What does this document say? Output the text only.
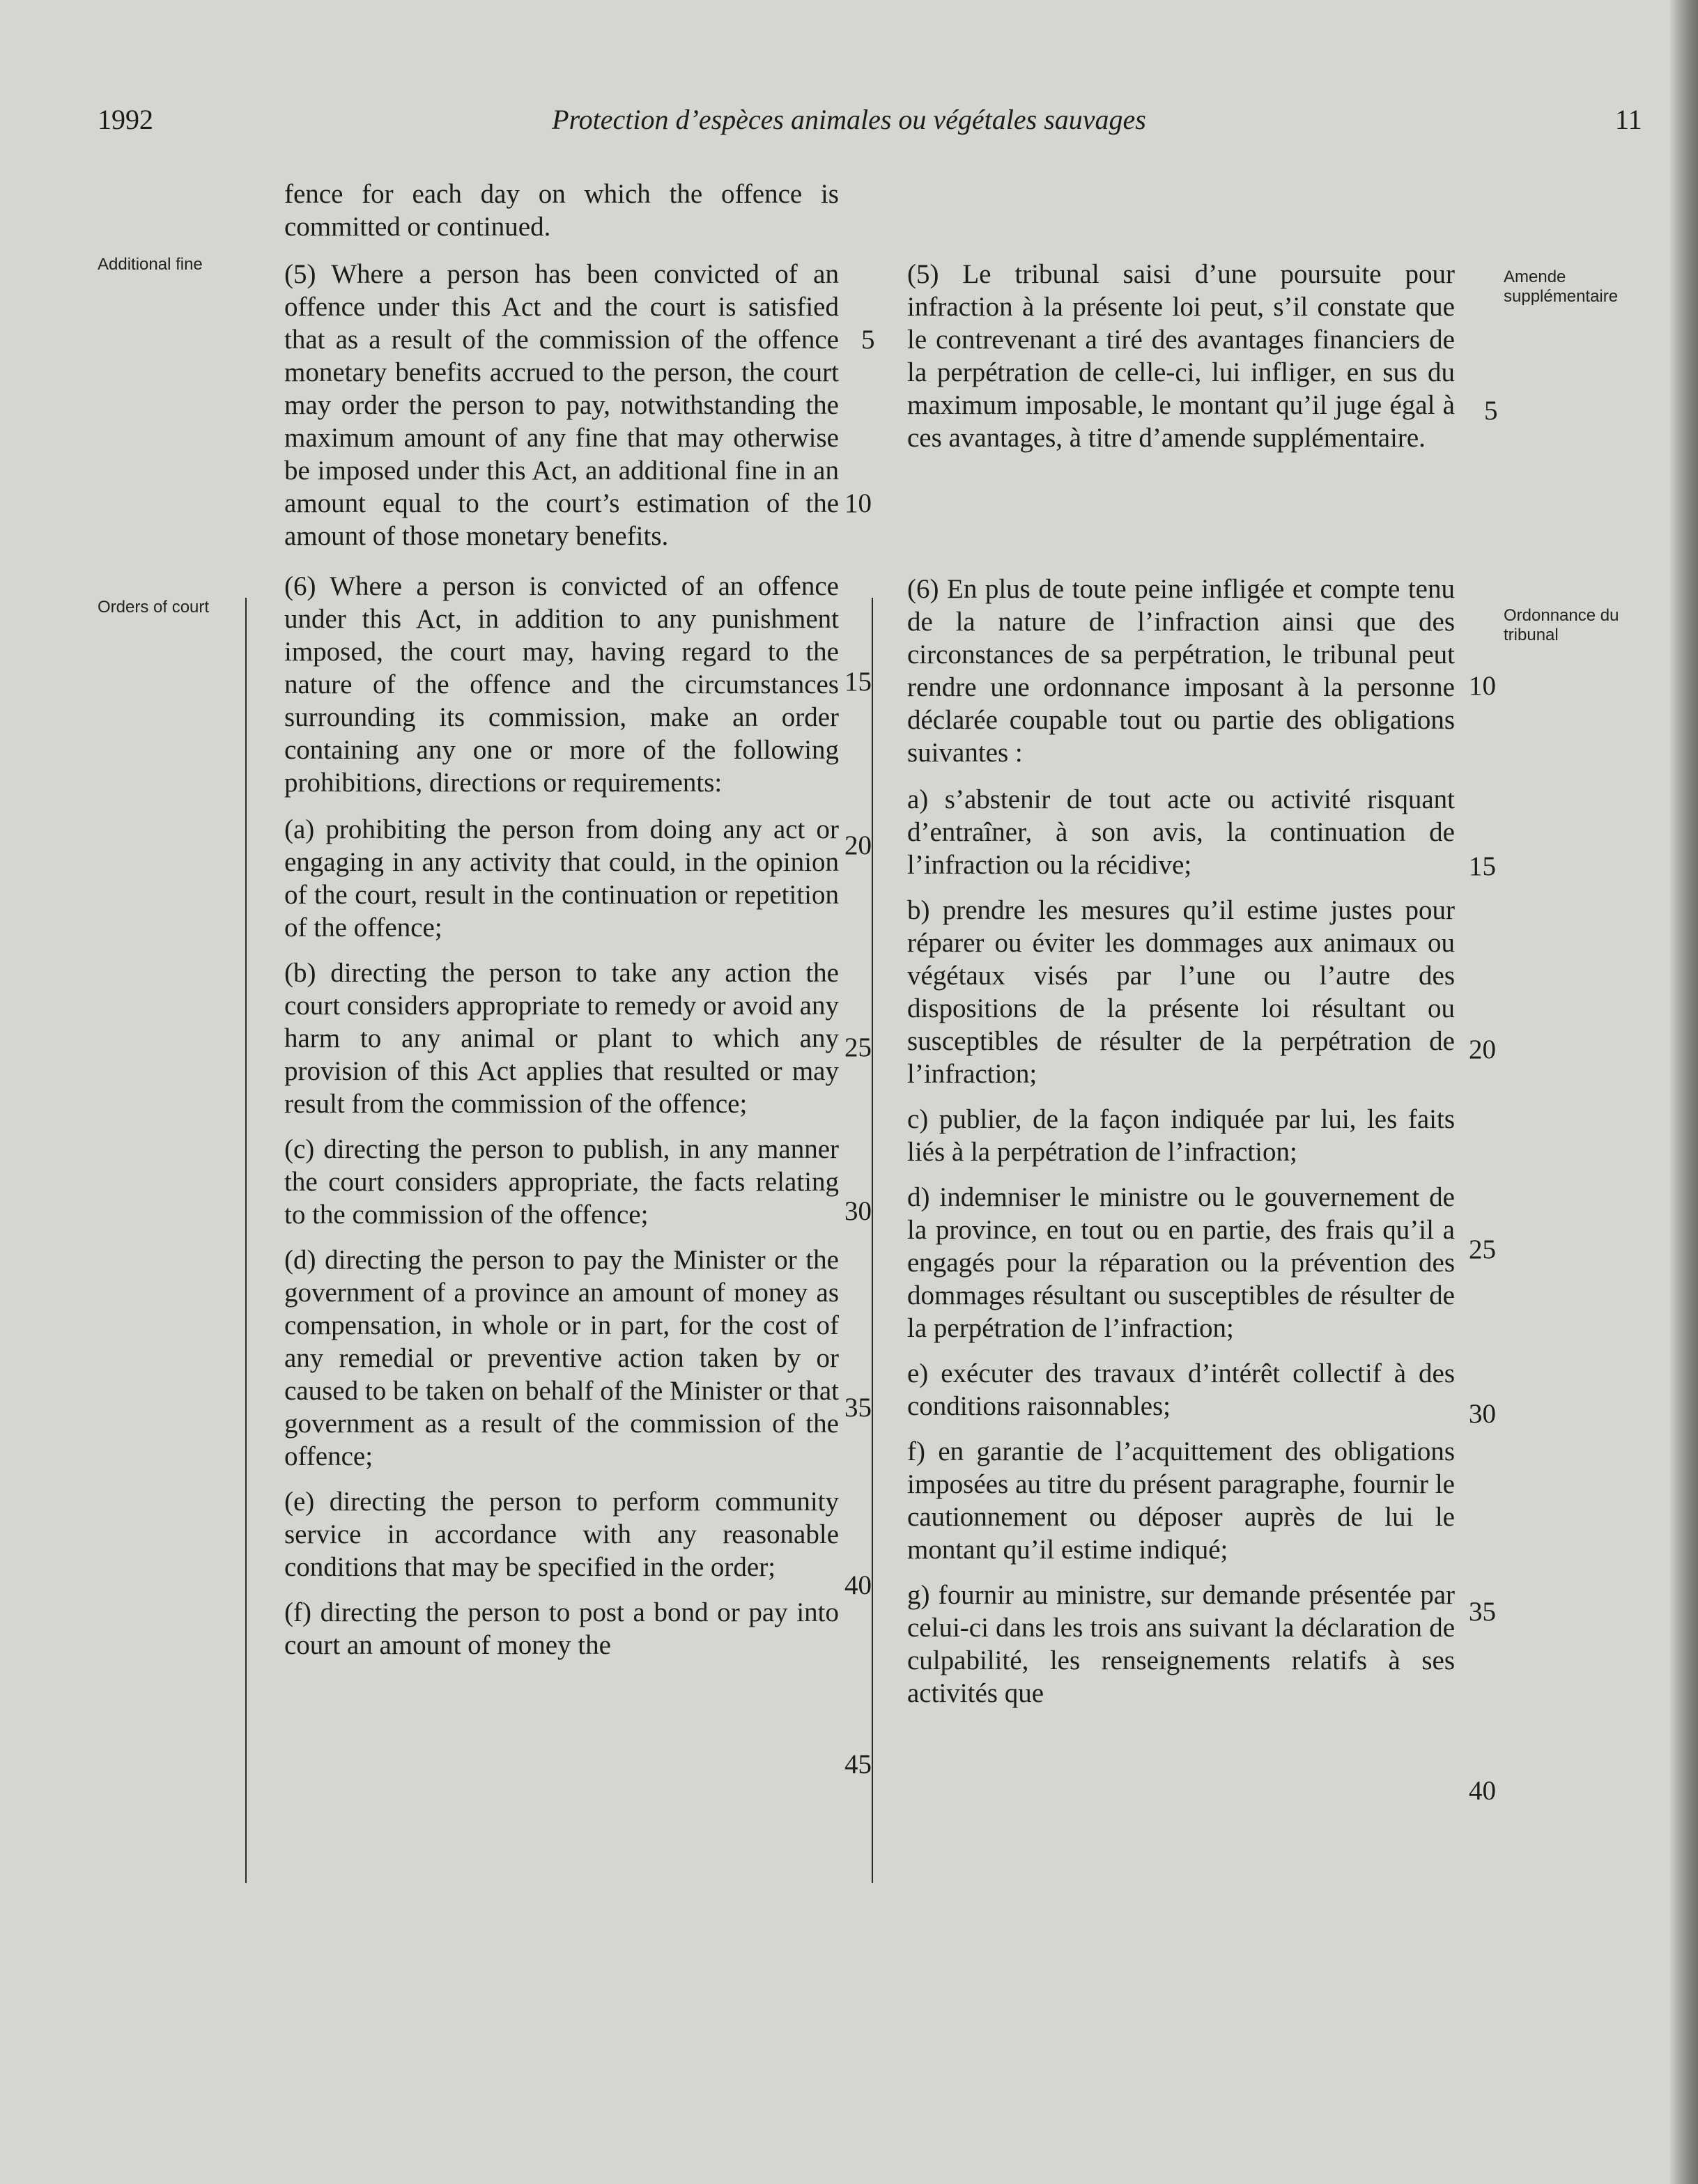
1992	Protection d’espèces animales ou végétales sauvages	11
Additional fine
Orders of court
Amende supplémentaire
Ordonnance du tribunal

fence for each day on which the offence is committed or continued.

(5) Where a person has been convicted of an offence under this Act and the court is satisfied that as a result of the commission of the offence monetary benefits accrued to the person, the court may order the person to pay, notwithstanding the maximum amount of any fine that may otherwise be imposed under this Act, an additional fine in an amount equal to the court’s estimation of the amount of those monetary benefits.

(6) Where a person is convicted of an offence under this Act, in addition to any punishment imposed, the court may, having regard to the nature of the offence and the circumstances surrounding its commission, make an order containing any one or more of the following prohibitions, directions or requirements:

(a) prohibiting the person from doing any act or engaging in any activity that could, in the opinion of the court, result in the continuation or repetition of the offence;

(b) directing the person to take any action the court considers appropriate to remedy or avoid any harm to any animal or plant to which any provision of this Act applies that resulted or may result from the commission of the offence;

(c) directing the person to publish, in any manner the court considers appropriate, the facts relating to the commission of the offence;

(d) directing the person to pay the Minister or the government of a province an amount of money as compensation, in whole or in part, for the cost of any remedial or preventive action taken by or caused to be taken on behalf of the Minister or that government as a result of the commission of the offence;

(e) directing the person to perform community service in accordance with any reasonable conditions that may be specified in the order;

(f) directing the person to post a bond or pay into court an amount of money the

(5) Le tribunal saisi d’une poursuite pour infraction à la présente loi peut, s’il constate que le contrevenant a tiré des avantages financiers de la perpétration de celle-ci, lui infliger, en sus du maximum imposable, le montant qu’il juge égal à ces avantages, à titre d’amende supplémentaire.

(6) En plus de toute peine infligée et compte tenu de la nature de l’infraction ainsi que des circonstances de sa perpétration, le tribunal peut rendre une ordonnance imposant à la personne déclarée coupable tout ou partie des obligations suivantes :

a) s’abstenir de tout acte ou activité risquant d’entraîner, à son avis, la continuation de l’infraction ou la récidive;

b) prendre les mesures qu’il estime justes pour réparer ou éviter les dommages aux animaux ou végétaux visés par l’une ou l’autre des dispositions de la présente loi résultant ou susceptibles de résulter de la perpétration de l’infraction;

c) publier, de la façon indiquée par lui, les faits liés à la perpétration de l’infraction;

d) indemniser le ministre ou le gouvernement de la province, en tout ou en partie, des frais qu’il a engagés pour la réparation ou la prévention des dommages résultant ou susceptibles de résulter de la perpétration de l’infraction;

e) exécuter des travaux d’intérêt collectif à des conditions raisonnables;

f) en garantie de l’acquittement des obligations imposées au titre du présent paragraphe, fournir le cautionnement ou déposer auprès de lui le montant qu’il estime indiqué;

g) fournir au ministre, sur demande présentée par celui-ci dans les trois ans suivant la déclaration de culpabilité, les renseignements relatifs à ses activités que

5
10
15
20
25
30
35
40
45
5
10
15
20
25
30
35
40
